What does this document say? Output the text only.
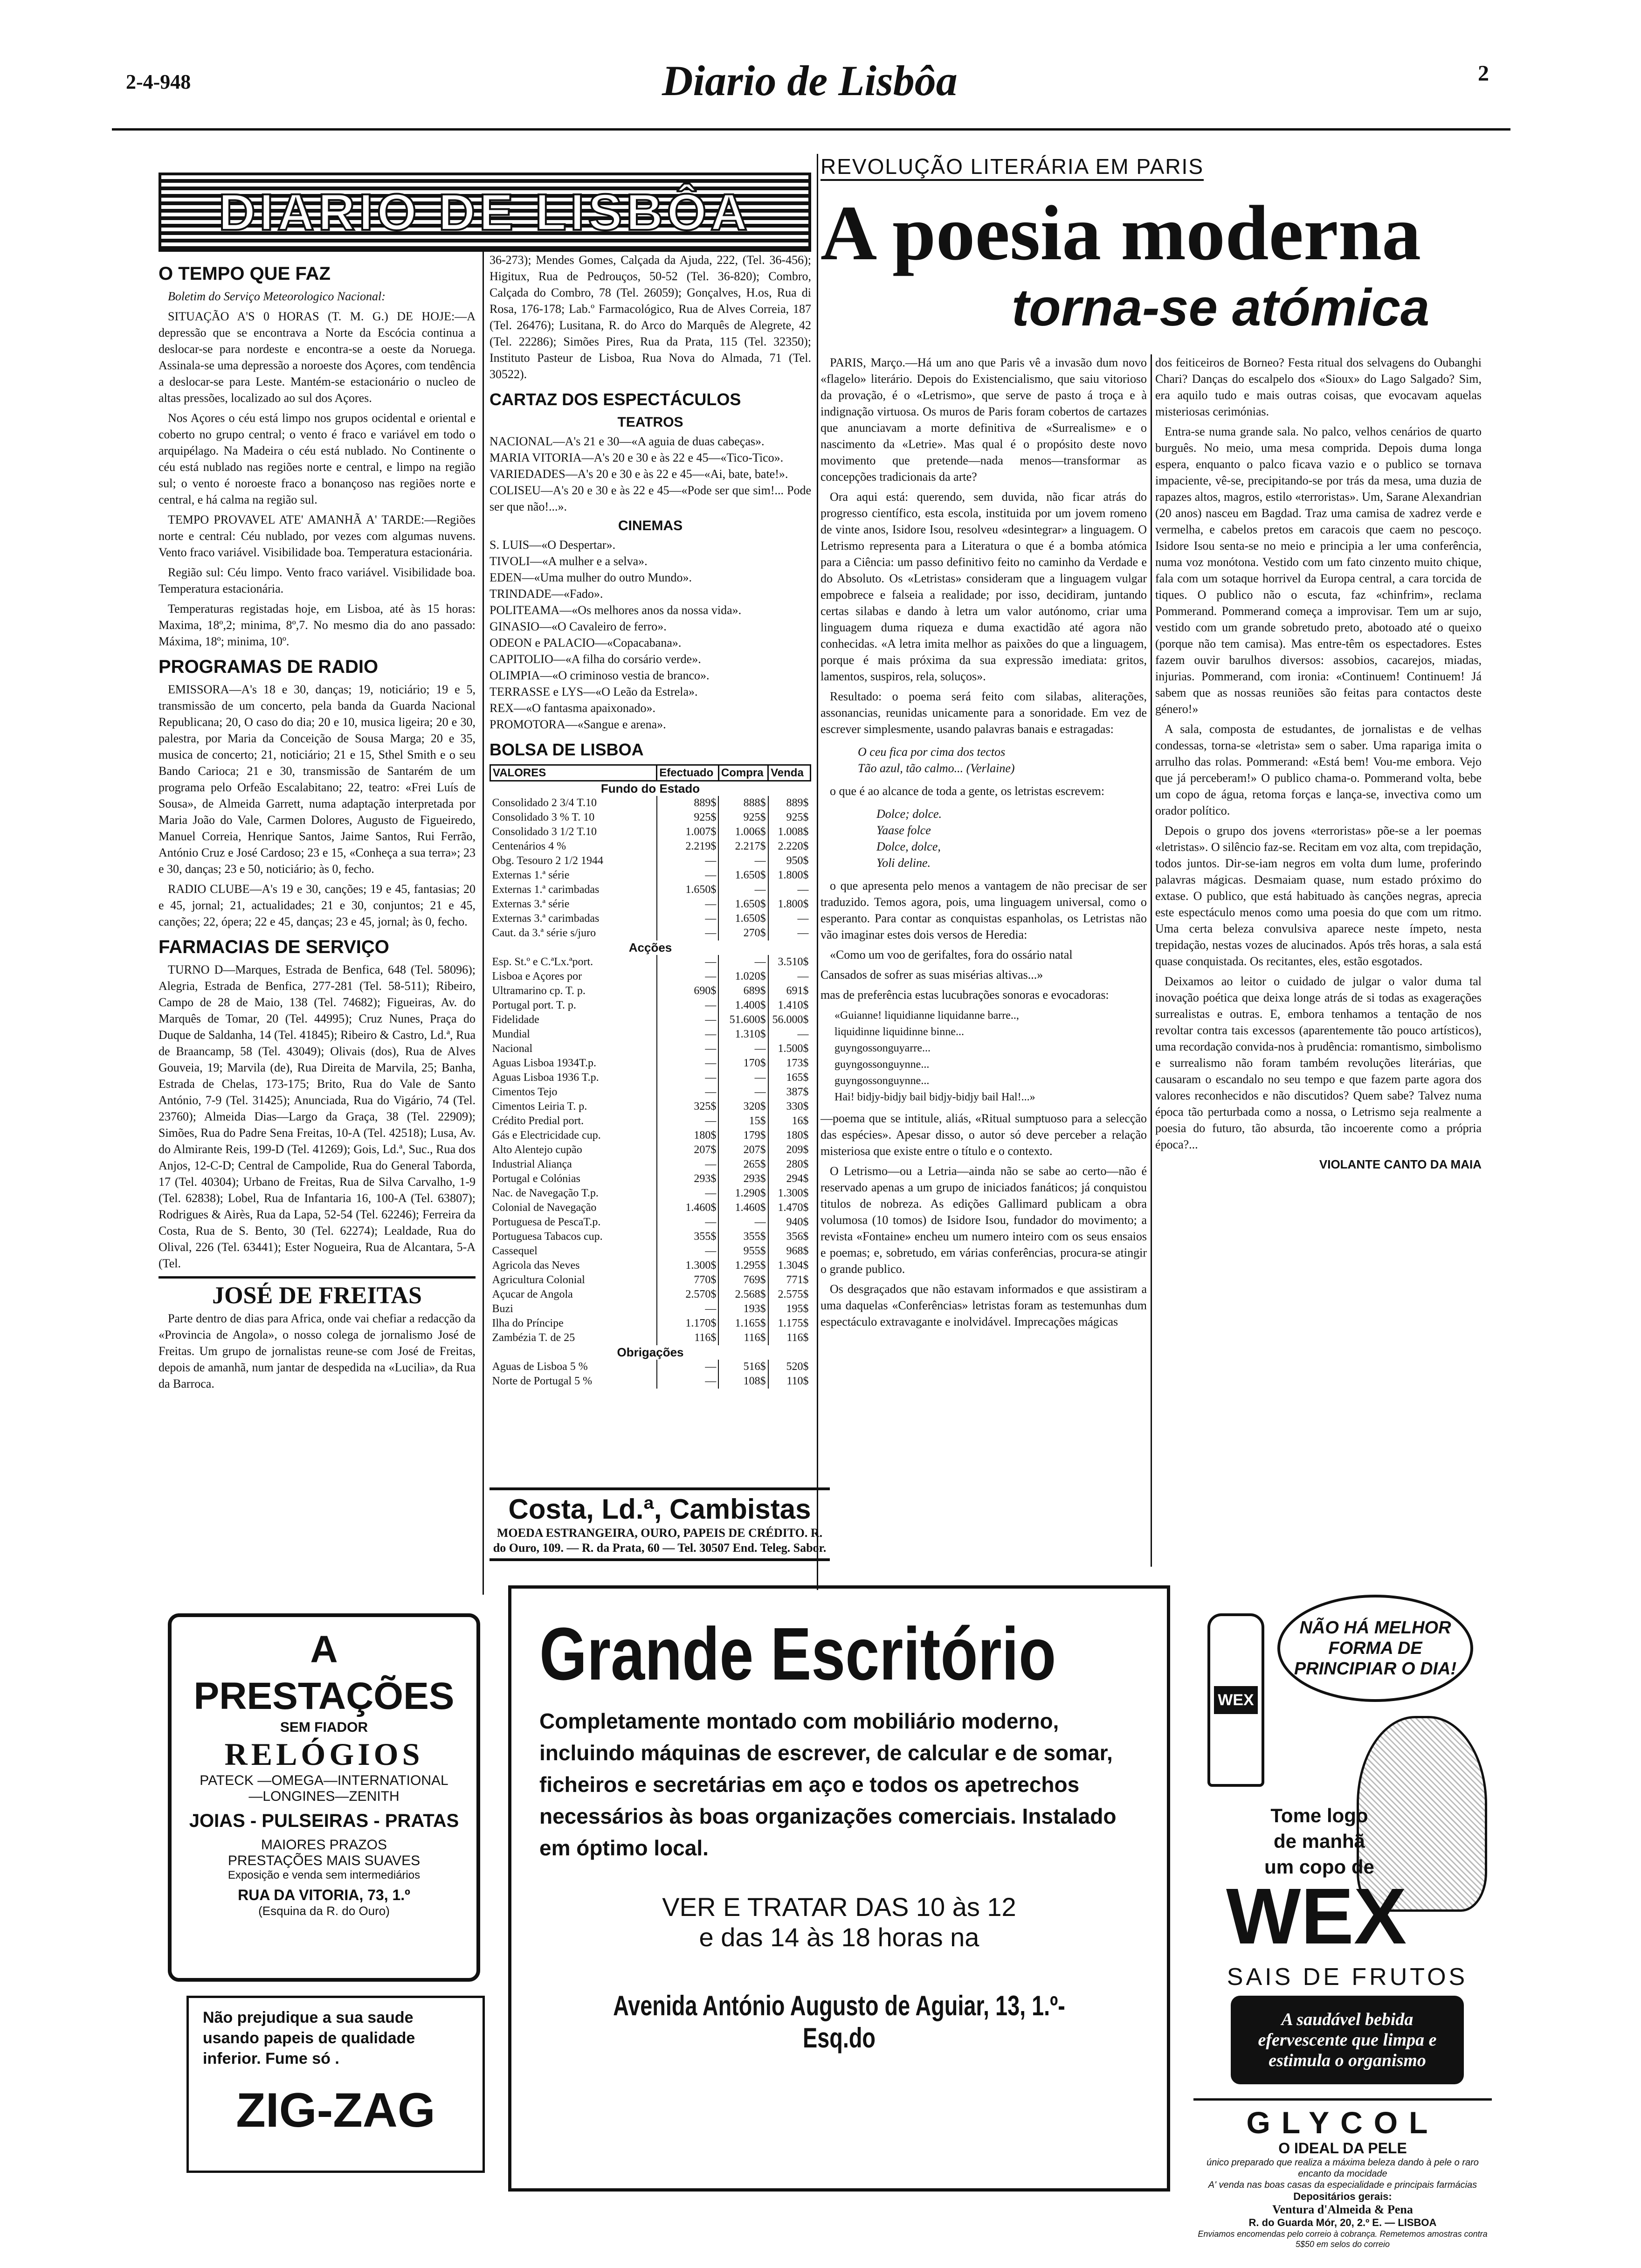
2-4-948	Diario de Lisbôa	2
DIARIO DE LISBÔA
O TEMPO QUE FAZ

Boletim do Serviço Meteorologico Nacional:

SITUAÇÃO A'S 0 HORAS (T. M. G.) DE HOJE:—A depressão que se encontrava a Norte da Escócia continua a deslocar-se para nordeste e encontra-se a oeste da Noruega. Assinala-se uma depressão a noroeste dos Açores, com tendência a deslocar-se para Leste. Mantém-se estacionário o nucleo de altas pressões, localizado ao sul dos Açores.

Nos Açores o céu está limpo nos grupos ocidental e oriental e coberto no grupo central; o vento é fraco e variável em todo o arquipélago. Na Madeira o céu está nublado. No Continente o céu está nublado nas regiões norte e central, e limpo na região sul; o vento é noroeste fraco a bonançoso nas regiões norte e central, e há calma na região sul.

TEMPO PROVAVEL ATE' AMANHÃ A' TARDE:—Regiões norte e central: Céu nublado, por vezes com algumas nuvens. Vento fraco variável. Visibilidade boa. Temperatura estacionária.

Região sul: Céu limpo. Vento fraco variável. Visibilidade boa. Temperatura estacionária.

Temperaturas registadas hoje, em Lisboa, até às 15 horas: Maxima, 18º,2; minima, 8º,7. No mesmo dia do ano passado: Máxima, 18º; minima, 10º.

PROGRAMAS DE RADIO

EMISSORA—A's 18 e 30, danças; 19, noticiário; 19 e 5, transmissão de um concerto, pela banda da Guarda Nacional Republicana; 20, O caso do dia; 20 e 10, musica ligeira; 20 e 30, palestra, por Maria da Conceição de Sousa Marga; 20 e 35, musica de concerto; 21, noticiário; 21 e 15, Sthel Smith e o seu Bando Carioca; 21 e 30, transmissão de Santarém de um programa pelo Orfeão Escalabitano; 22, teatro: «Frei Luís de Sousa», de Almeida Garrett, numa adaptação interpretada por Maria João do Vale, Carmen Dolores, Augusto de Figueiredo, Manuel Correia, Henrique Santos, Jaime Santos, Rui Ferrão, António Cruz e José Cardoso; 23 e 15, «Conheça a sua terra»; 23 e 30, danças; 23 e 50, noticiário; às 0, fecho.

RADIO CLUBE—A's 19 e 30, canções; 19 e 45, fantasias; 20 e 45, jornal; 21, actualidades; 21 e 30, conjuntos; 21 e 45, canções; 22, ópera; 22 e 45, danças; 23 e 45, jornal; às 0, fecho.

FARMACIAS DE SERVIÇO

TURNO D—Marques, Estrada de Benfica, 648 (Tel. 58096); Alegria, Estrada de Benfica, 277-281 (Tel. 58-511); Ribeiro, Campo de 28 de Maio, 138 (Tel. 74682); Figueiras, Av. do Marquês de Tomar, 20 (Tel. 44995); Cruz Nunes, Praça do Duque de Saldanha, 14 (Tel. 41845); Ribeiro & Castro, Ld.ª, Rua de Braancamp, 58 (Tel. 43049); Olivais (dos), Rua de Alves Gouveia, 19; Marvila (de), Rua Direita de Marvila, 25; Banha, Estrada de Chelas, 173-175; Brito, Rua do Vale de Santo António, 7-9 (Tel. 31425); Anunciada, Rua do Vigário, 74 (Tel. 23760); Almeida Dias—Largo da Graça, 38 (Tel. 22909); Simões, Rua do Padre Sena Freitas, 10-A (Tel. 42518); Lusa, Av. do Almirante Reis, 199-D (Tel. 41269); Gois, Ld.ª, Suc., Rua dos Anjos, 12-C-D; Central de Campolide, Rua do General Taborda, 17 (Tel. 40304); Urbano de Freitas, Rua de Silva Carvalho, 1-9 (Tel. 62838); Lobel, Rua de Infantaria 16, 100-A (Tel. 63807); Rodrigues & Airès, Rua da Lapa, 52-54 (Tel. 62246); Ferreira da Costa, Rua de S. Bento, 30 (Tel. 62274); Lealdade, Rua do Olival, 226 (Tel. 63441); Ester Nogueira, Rua de Alcantara, 5-A (Tel.

JOSÉ DE FREITAS

Parte dentro de dias para Africa, onde vai chefiar a redacção da «Provincia de Angola», o nosso colega de jornalismo José de Freitas. Um grupo de jornalistas reune-se com José de Freitas, depois de amanhã, num jantar de despedida na «Lucilia», da Rua da Barroca.

36-273); Mendes Gomes, Calçada da Ajuda, 222, (Tel. 36-456); Higitux, Rua de Pedrouços, 50-52 (Tel. 36-820); Combro, Calçada do Combro, 78 (Tel. 26059); Gonçalves, H.os, Rua di Rosa, 176-178; Lab.º Farmacológico, Rua de Alves Correia, 187 (Tel. 26476); Lusitana, R. do Arco do Marquês de Alegrete, 42 (Tel. 22286); Simões Pires, Rua da Prata, 115 (Tel. 32350); Instituto Pasteur de Lisboa, Rua Nova do Almada, 71 (Tel. 30522).

CARTAZ DOS ESPECTÁCULOS
TEATROS

NACIONAL—A's 21 e 30—«A aguia de duas cabeças».

MARIA VITORIA—A's 20 e 30 e às 22 e 45—«Tico-Tico».

VARIEDADES—A's 20 e 30 e às 22 e 45—«Ai, bate, bate!».

COLISEU—A's 20 e 30 e às 22 e 45—«Pode ser que sim!... Pode ser que não!...».

CINEMAS

S. LUIS—«O Despertar».

TIVOLI—«A mulher e a selva».

EDEN—«Uma mulher do outro Mundo».

TRINDADE—«Fado».

POLITEAMA—«Os melhores anos da nossa vida».

GINASIO—«O Cavaleiro de ferro».

ODEON e PALACIO—«Copacabana».

CAPITOLIO—«A filha do corsário verde».

OLIMPIA—«O criminoso vestia de branco».

TERRASSE e LYS—«O Leão da Estrela».

REX—«O fantasma apaixonado».

PROMOTORA—«Sangue e arena».

BOLSA DE LISBOA
VALORES	Efectuado	Compra	Venda
Fundo do Estado			
Consolidado 2 3/4 T.10	889$	888$	889$
Consolidado 3 % T. 10	925$	925$	925$
Consolidado 3 1/2 T.10	1.007$	1.006$	1.008$
Centenários 4 %	2.219$	2.217$	2.220$
Obg. Tesouro 2 1/2 1944	—	—	950$
Externas 1.ª série	—	1.650$	1.800$
Externas 1.ª carimbadas	1.650$	—	—
Externas 3.ª série	—	1.650$	1.800$
Externas 3.ª carimbadas	—	1.650$	—
Caut. da 3.ª série s/juro	—	270$	—
Acções			
Esp. St.º e C.ªLx.ªport.	—	—	3.510$
Lisboa e Açores por	—	1.020$	—
Ultramarino cp. T. p.	690$	689$	691$
Portugal port. T. p.	—	1.400$	1.410$
Fidelidade	—	51.600$	56.000$
Mundial	—	1.310$	—
Nacional	—	—	1.500$
Aguas Lisboa 1934T.p.	—	170$	173$
Aguas Lisboa 1936 T.p.	—	—	165$
Cimentos Tejo	—	—	387$
Cimentos Leiria T. p.	325$	320$	330$
Crédito Predial port.	—	15$	16$
Gás e Electricidade cup.	180$	179$	180$
Alto Alentejo cupão	207$	207$	209$
Industrial Aliança	—	265$	280$
Portugal e Colónias	293$	293$	294$
Nac. de Navegação T.p.	—	1.290$	1.300$
Colonial de Navegação	1.460$	1.460$	1.470$
Portuguesa de PescaT.p.	—	—	940$
Portuguesa Tabacos cup.	355$	355$	356$
Cassequel	—	955$	968$
Agricola das Neves	1.300$	1.295$	1.304$
Agricultura Colonial	770$	769$	771$
Açucar de Angola	2.570$	2.568$	2.575$
Buzi	—	193$	195$
Ilha do Príncipe	1.170$	1.165$	1.175$
Zambézia T. de 25	116$	116$	116$
Obrigações			
Aguas de Lisboa 5 %	—	516$	520$
Norte de Portugal 5 %	—	108$	110$
Costa, Ld.ª, Cambistas
MOEDA ESTRANGEIRA, OURO, PAPEIS DE CRÉDITO. R. do Ouro, 109. — R. da Prata, 60 — Tel. 30507 End. Teleg. Sabor.
REVOLUÇÃO LITERÁRIA EM PARIS
A poesia moderna
torna-se atómica

PARIS, Março.—Há um ano que Paris vê a invasão dum novo «flagelo» literário. Depois do Existencialismo, que saiu vitorioso da provação, é o «Letrismo», que serve de pasto á troça e à indignação virtuosa. Os muros de Paris foram cobertos de cartazes que anunciavam a morte definitiva de «Surrealisme» e o nascimento da «Letrie». Mas qual é o propósito deste novo movimento que pretende—nada menos—transformar as concepções tradicionais da arte?

Ora aqui está: querendo, sem duvida, não ficar atrás do progresso científico, esta escola, instituida por um jovem romeno de vinte anos, Isidore Isou, resolveu «desintegrar» a linguagem. O Letrismo representa para a Literatura o que é a bomba atómica para a Ciência: um passo definitivo feito no caminho da Verdade e do Absoluto. Os «Letristas» consideram que a linguagem vulgar empobrece e falseia a realidade; por isso, decidiram, juntando certas silabas e dando à letra um valor autónomo, criar uma linguagem duma riqueza e duma exactidão até agora não conhecidas. «A letra imita melhor as paixões do que a linguagem, porque é mais próxima da sua expressão imediata: gritos, lamentos, suspiros, rela, soluços».

Resultado: o poema será feito com silabas, aliterações, assonancias, reunidas unicamente para a sonoridade. Em vez de escrever simplesmente, usando palavras banais e estragadas:

O ceu fica por cima dos tectos
Tão azul, tão calmo... (Verlaine)

o que é ao alcance de toda a gente, os letristas escrevem:

Dolce; dolce.
Yaase folce
Dolce, dolce,
Yoli deline.

o que apresenta pelo menos a vantagem de não precisar de ser traduzido. Temos agora, pois, uma linguagem universal, como o esperanto. Para contar as conquistas espanholas, os Letristas não vão imaginar estes dois versos de Heredia:

«Como um voo de gerifaltes, fora do ossário natal

Cansados de sofrer as suas misérias altivas...»

mas de preferência estas lucubrações sonoras e evocadoras:

«Guianne! liquidianne liquidanne barre..,
liquidinne liquidinne binne...
guyngossonguyarre...
guyngossonguynne...
guyngossonguynne...
Hai! bidjy-bidjy bail bidjy-bidjy bail Hal!...»

—poema que se intitule, aliás, «Ritual sumptuoso para a selecção das espécies». Apesar disso, o autor só deve perceber a relação misteriosa que existe entre o título e o contexto.

O Letrismo—ou a Letria—ainda não se sabe ao certo—não é reservado apenas a um grupo de iniciados fanáticos; já conquistou titulos de nobreza. As edições Gallimard publicam a obra volumosa (10 tomos) de Isidore Isou, fundador do movimento; a revista «Fontaine» encheu um numero inteiro com os seus ensaios e poemas; e, sobretudo, em várias conferências, procura-se atingir o grande publico.

Os desgraçados que não estavam informados e que assistiram a uma daquelas «Conferências» letristas foram as testemunhas dum espectáculo extravagante e inolvidável. Imprecações mágicas

dos feiticeiros de Borneo? Festa ritual dos selvagens do Oubanghi Chari? Danças do escalpelo dos «Sioux» do Lago Salgado? Sim, era aquilo tudo e mais outras coisas, que evocavam aquelas misteriosas cerimónias.

Entra-se numa grande sala. No palco, velhos cenários de quarto burguês. No meio, uma mesa comprida. Depois duma longa espera, enquanto o palco ficava vazio e o publico se tornava impaciente, vê-se, precipitando-se por trás da mesa, uma duzia de rapazes altos, magros, estilo «terroristas». Um, Sarane Alexandrian (20 anos) nasceu em Bagdad. Traz uma camisa de xadrez verde e vermelha, e cabelos pretos em caracois que caem no pescoço. Isidore Isou senta-se no meio e principia a ler uma conferência, numa voz monótona. Vestido com um fato cinzento muito chique, fala com um sotaque horrivel da Europa central, a cara torcida de tiques. O publico não o escuta, faz «chinfrim», reclama Pommerand. Pommerand começa a improvisar. Tem um ar sujo, vestido com um grande sobretudo preto, abotoado até o queixo (porque não tem camisa). Mas entre-têm os espectadores. Estes fazem ouvir barulhos diversos: assobios, cacarejos, miadas, injurias. Pommerand, com ironia: «Continuem! Continuem! Já sabem que as nossas reuniões são feitas para contactos deste género!»

A sala, composta de estudantes, de jornalistas e de velhas condessas, torna-se «letrista» sem o saber. Uma rapariga imita o arrulho das rolas. Pommerand: «Está bem! Vou-me embora. Vejo que já perceberam!» O publico chama-o. Pommerand volta, bebe um copo de água, retoma forças e lança-se, invectiva como um orador político.

Depois o grupo dos jovens «terroristas» põe-se a ler poemas «letristas». O silêncio faz-se. Recitam em voz alta, com trepidação, todos juntos. Dir-se-iam negros em volta dum lume, proferindo palavras mágicas. Desmaiam quase, num estado próximo do extase. O publico, que está habituado às canções negras, aprecia este espectáculo menos como uma poesia do que com um ritmo. Uma certa beleza convulsiva aparece neste ímpeto, nesta trepidação, nestas vozes de alucinados. Após três horas, a sala está quase conquistada. Os recitantes, eles, estão esgotados.

Deixamos ao leitor o cuidado de julgar o valor duma tal inovação poética que deixa longe atrás de si todas as exagerações surrealistas e outras. E, embora tenhamos a tentação de nos revoltar contra tais excessos (aparentemente tão pouco artísticos), uma recordação convida-nos à prudência: romantismo, simbolismo e surrealismo não foram também revoluções literárias, que causaram o escandalo no seu tempo e que fazem parte agora dos valores reconhecidos e não discutidos? Quem sabe? Talvez numa época tão perturbada como a nossa, o Letrismo seja realmente a poesia do futuro, tão absurda, tão incoerente como a própria época?...

VIOLANTE CANTO DA MAIA
A PRESTAÇÕES
SEM FIADOR
RELÓGIOS
PATECK —OMEGA—INTERNATIONAL
—LONGINES—ZENITH
JOIAS - PULSEIRAS - PRATAS
MAIORES PRAZOS
PRESTAÇÕES MAIS SUAVES
Exposição e venda sem intermediários
RUA DA VITORIA, 73, 1.º
(Esquina da R. do Ouro)
Não prejudique a sua saude usando papeis de qualidade inferior. Fume só .
ZIG-ZAG
Grande Escritório
Completamente montado com mobiliário moderno, incluindo máquinas de escrever, de calcular e de somar, ficheiros e secretárias em aço e todos os apetrechos necessários às boas organizações comerciais. Instalado em óptimo local.
VER E TRATAR DAS 10 às 12
e das 14 às 18 horas na
Avenida António Augusto de Aguiar, 13, 1.º-Esq.do
NÃO HÁ MELHOR FORMA DE PRINCIPIAR O DIA!
WEX
Tome logo
de manhã
um copo de
WEX
SAIS DE FRUTOS
A saudável bebida efervescente que limpa e estimula o organismo
GLYCOL
O IDEAL DA PELE
único preparado que realiza a máxima beleza dando à pele o raro encanto da mocidade
A' venda nas boas casas da especialidade e principais farmácias
Depositários gerais:
Ventura d'Almeida & Pena
R. do Guarda Mór, 20, 2.º E. — LISBOA
Enviamos encomendas pelo correio à cobrança. Remetemos amostras contra 5$50 em selos do correio
